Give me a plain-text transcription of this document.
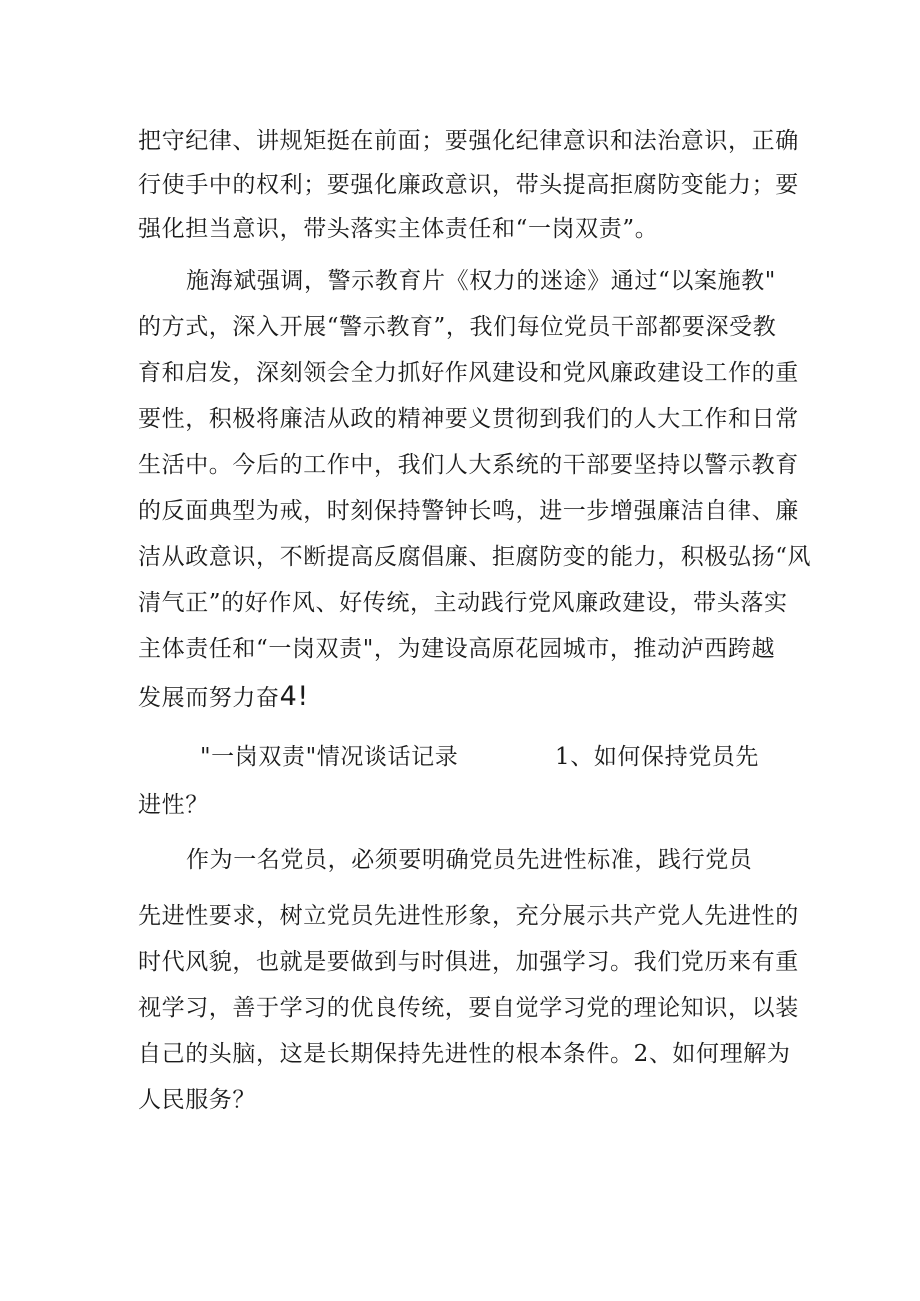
把守纪律、讲规矩挺在前面；要强化纪律意识和法治意识，正确
行使手中的权利；要强化廉政意识，带头提高拒腐防变能力；要
强化担当意识，带头落实主体责任和“一岗双责”。
施海斌强调，警示教育片《权力的迷途》通过“以案施教"
的方式，深入开展“警示教育”，我们每位党员干部都要深受教
育和启发，深刻领会全力抓好作风建设和党风廉政建设工作的重
要性，积极将廉洁从政的精神要义贯彻到我们的人大工作和日常
生活中。今后的工作中，我们人大系统的干部要坚持以警示教育
的反面典型为戒，时刻保持警钟长鸣，进一步增强廉洁自律、廉
洁从政意识，不断提高反腐倡廉、拒腐防变的能力，积极弘扬“风
清气正”的好作风、好传统，主动践行党风廉政建设，带头落实
主体责任和“一岗双责"，为建设高原花园城市，推动泸西跨越
发展而努力奋4!
"一岗双责"情况谈话记录	1、如何保持党员先
进性？
作为一名党员，必须要明确党员先进性标准，践行党员
先进性要求，树立党员先进性形象，充分展示共产党人先进性的
时代风貌，也就是要做到与时俱进，加强学习。我们党历来有重
视学习，善于学习的优良传统，要自觉学习党的理论知识，以装
自己的头脑，这是长期保持先进性的根本条件。2、如何理解为
人民服务？
